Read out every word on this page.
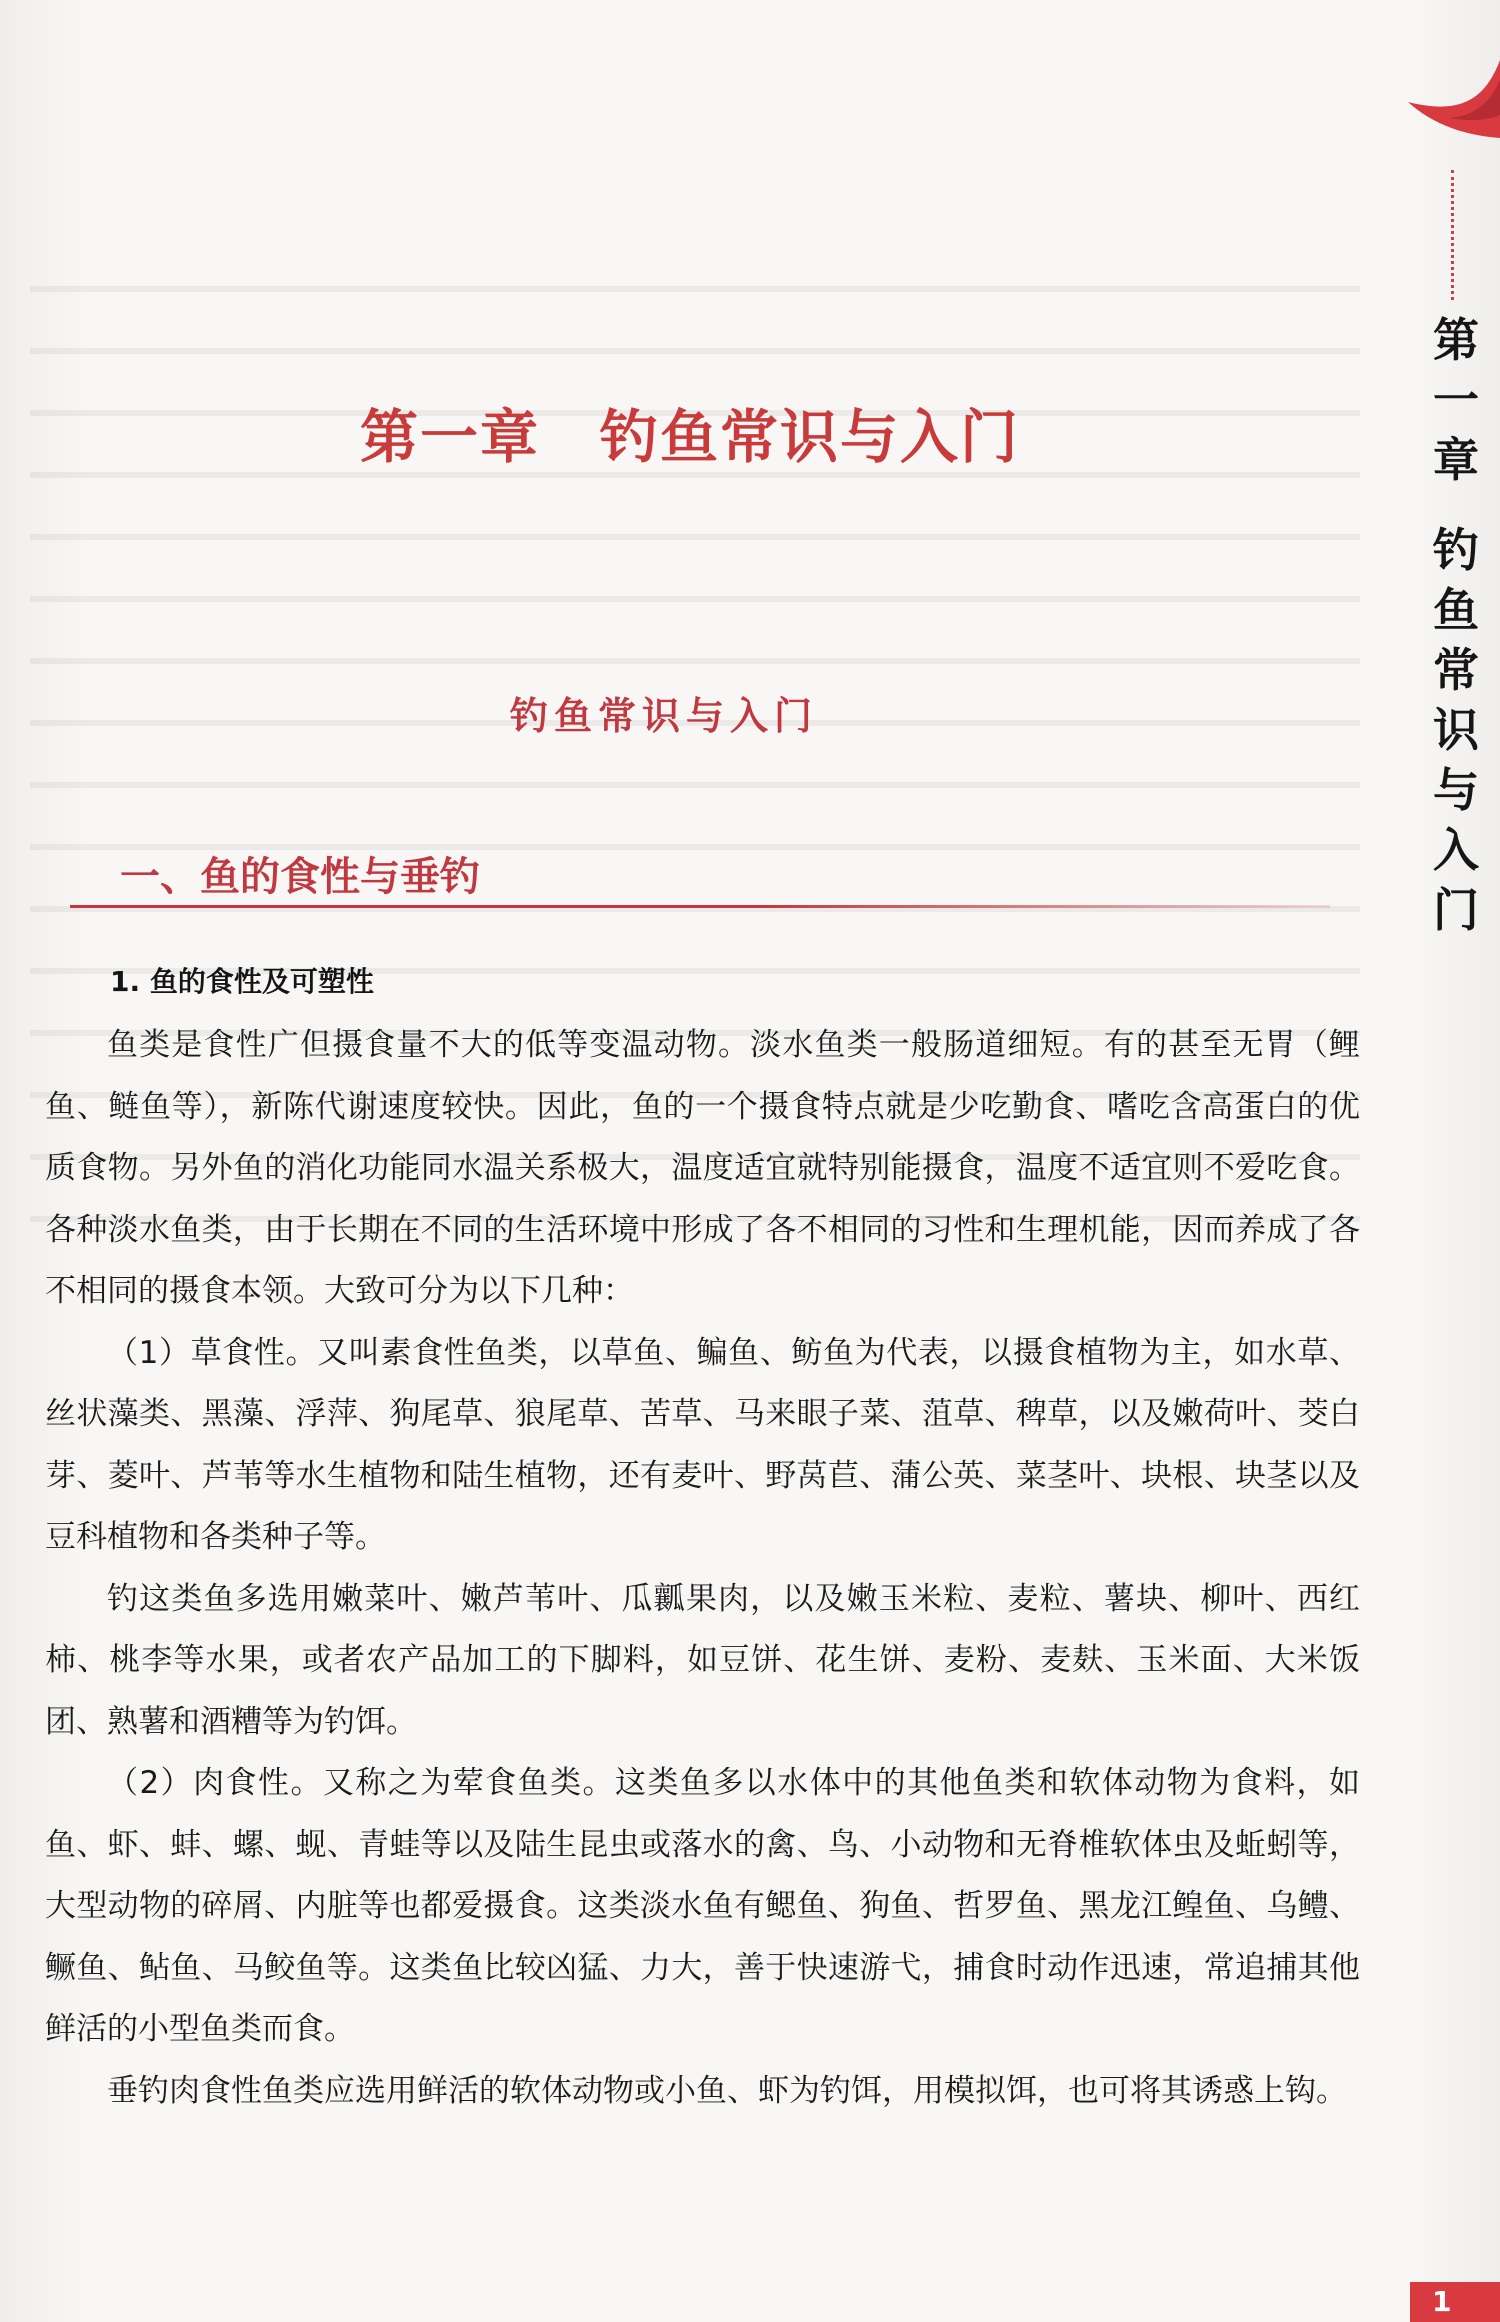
第一章
钓鱼常识与入门
1
第一章 钓鱼常识与入门
钓鱼常识与入门
一、鱼的食性与垂钓
1. 鱼的食性及可塑性

鱼类是食性广但摄食量不大的低等变温动物。淡水鱼类一般肠道细短。有的甚至无胃（鲤鱼、鲢鱼等），新陈代谢速度较快。因此，鱼的一个摄食特点就是少吃勤食、嗜吃含高蛋白的优质食物。另外鱼的消化功能同水温关系极大，温度适宜就特别能摄食，温度不适宜则不爱吃食。各种淡水鱼类，由于长期在不同的生活环境中形成了各不相同的习性和生理机能，因而养成了各不相同的摄食本领。大致可分为以下几种：

（1）草食性。又叫素食性鱼类，以草鱼、鳊鱼、鲂鱼为代表，以摄食植物为主，如水草、丝状藻类、黑藻、浮萍、狗尾草、狼尾草、苦草、马来眼子菜、菹草、稗草，以及嫩荷叶、茭白芽、菱叶、芦苇等水生植物和陆生植物，还有麦叶、野莴苣、蒲公英、菜茎叶、块根、块茎以及豆科植物和各类种子等。

钓这类鱼多选用嫩菜叶、嫩芦苇叶、瓜瓤果肉，以及嫩玉米粒、麦粒、薯块、柳叶、西红柿、桃李等水果，或者农产品加工的下脚料，如豆饼、花生饼、麦粉、麦麸、玉米面、大米饭团、熟薯和酒糟等为钓饵。

（2）肉食性。又称之为荤食鱼类。这类鱼多以水体中的其他鱼类和软体动物为食料，如鱼、虾、蚌、螺、蚬、青蛙等以及陆生昆虫或落水的禽、鸟、小动物和无脊椎软体虫及蚯蚓等，大型动物的碎屑、内脏等也都爱摄食。这类淡水鱼有鳃鱼、狗鱼、哲罗鱼、黑龙江鳇鱼、乌鳢、鳜鱼、鲇鱼、马鲛鱼等。这类鱼比较凶猛、力大，善于快速游弋，捕食时动作迅速，常追捕其他鲜活的小型鱼类而食。

垂钓肉食性鱼类应选用鲜活的软体动物或小鱼、虾为钓饵，用模拟饵，也可将其诱惑上钩。
